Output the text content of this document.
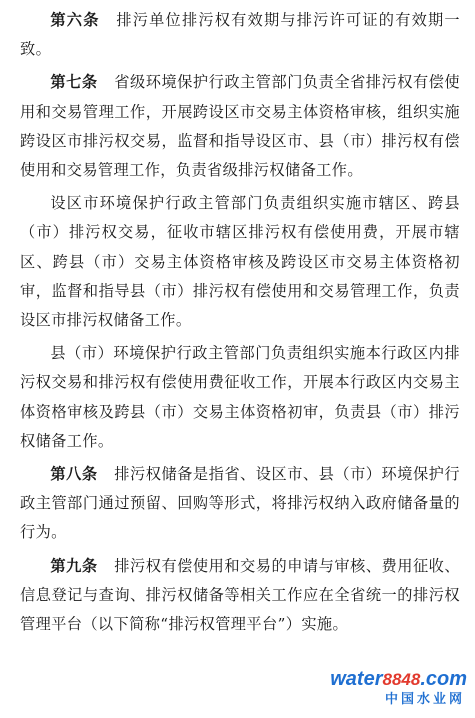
第六条 排污单位排污权有效期与排污许可证的有效期一致。

第七条 省级环境保护行政主管部门负责全省排污权有偿使用和交易管理工作，开展跨设区市交易主体资格审核，组织实施跨设区市排污权交易，监督和指导设区市、县（市）排污权有偿使用和交易管理工作，负责省级排污权储备工作。

设区市环境保护行政主管部门负责组织实施市辖区、跨县（市）排污权交易，征收市辖区排污权有偿使用费，开展市辖区、跨县（市）交易主体资格审核及跨设区市交易主体资格初审，监督和指导县（市）排污权有偿使用和交易管理工作，负责设区市排污权储备工作。

县（市）环境保护行政主管部门负责组织实施本行政区内排污权交易和排污权有偿使用费征收工作，开展本行政区内交易主体资格审核及跨县（市）交易主体资格初审，负责县（市）排污权储备工作。

第八条 排污权储备是指省、设区市、县（市）环境保护行政主管部门通过预留、回购等形式，将排污权纳入政府储备量的行为。

第九条 排污权有偿使用和交易的申请与审核、费用征收、信息登记与查询、排污权储备等相关工作应在全省统一的排污权管理平台（以下简称“排污权管理平台”）实施。

water8848.com
中国水业网
